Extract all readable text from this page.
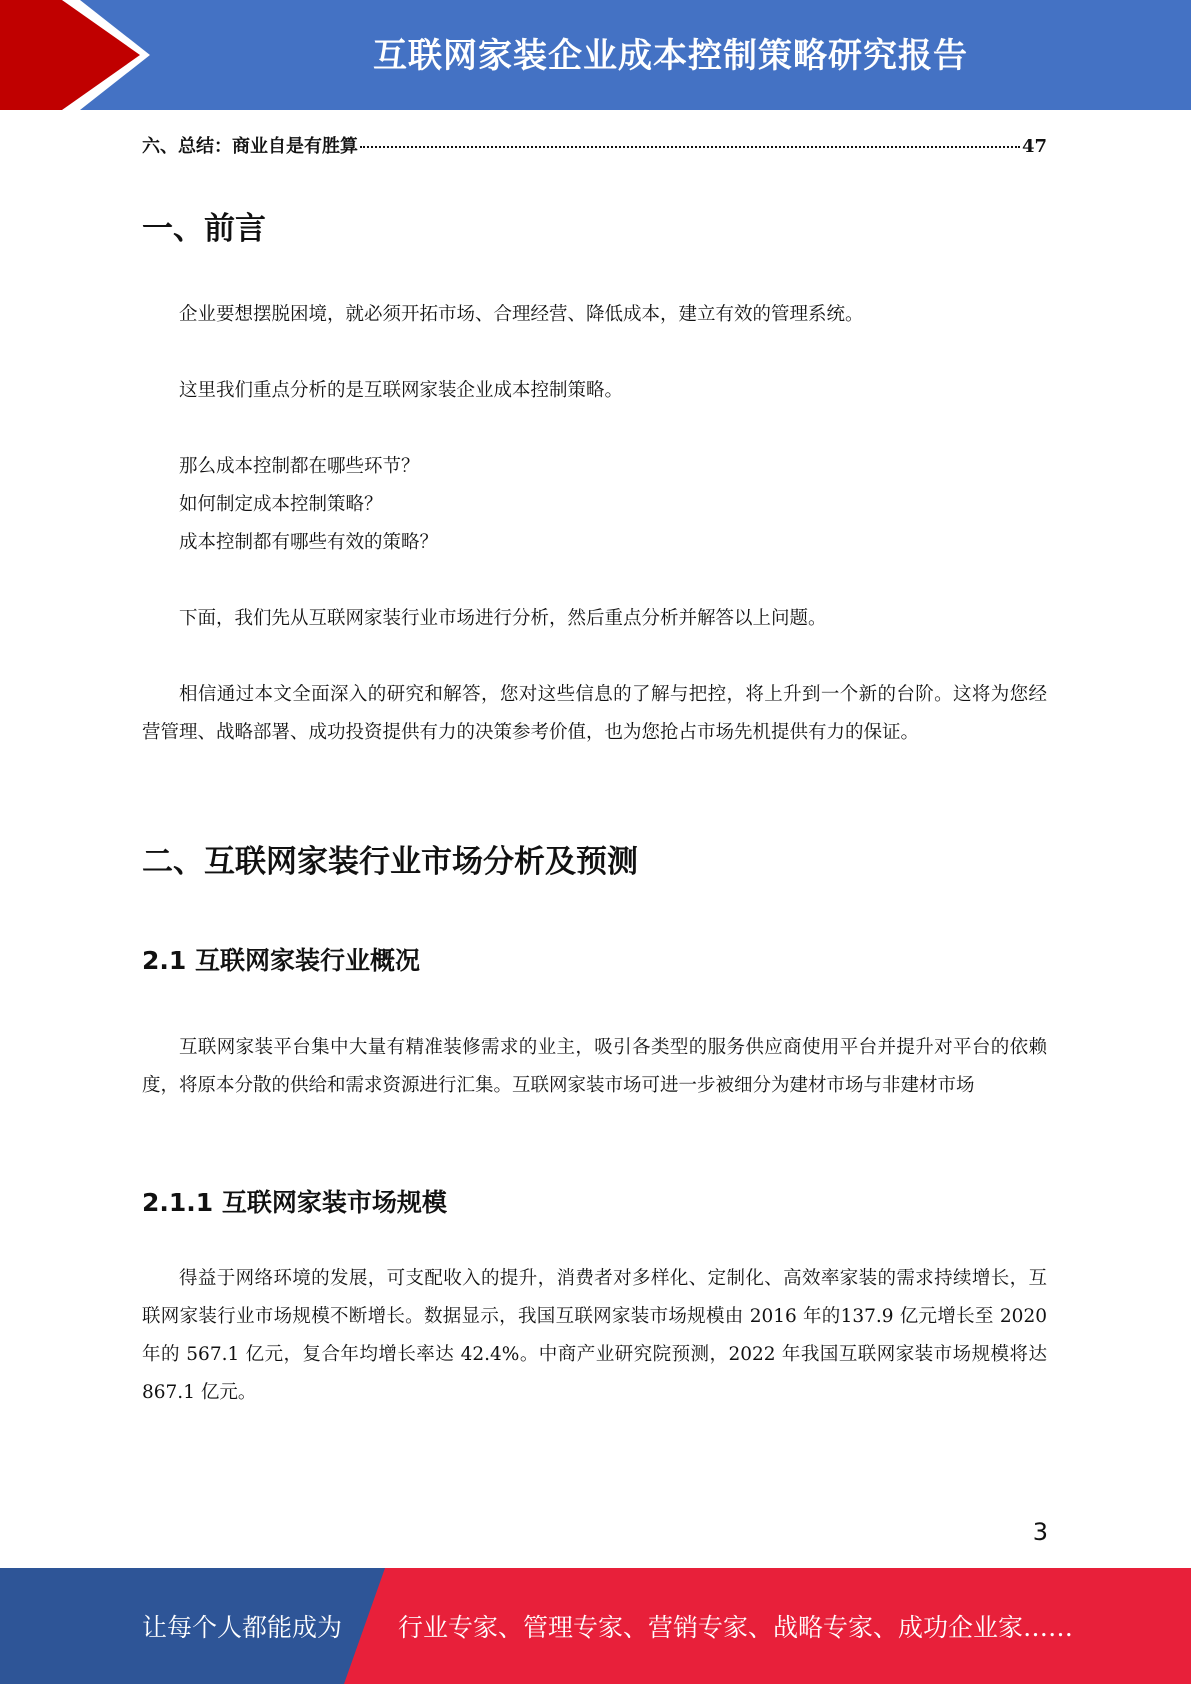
互联网家装企业成本控制策略研究报告
六、总结：商业自是有胜算	47
一、前言

企业要想摆脱困境，就必须开拓市场、合理经营、降低成本，建立有效的管理系统。

这里我们重点分析的是互联网家装企业成本控制策略。

那么成本控制都在哪些环节？

如何制定成本控制策略？

成本控制都有哪些有效的策略？

下面，我们先从互联网家装行业市场进行分析，然后重点分析并解答以上问题。

相信通过本文全面深入的研究和解答，您对这些信息的了解与把控，将上升到一个新的台阶。这将为您经营管理、战略部署、成功投资提供有力的决策参考价值，也为您抢占市场先机提供有力的保证。

二、互联网家装行业市场分析及预测
2.1 互联网家装行业概况

互联网家装平台集中大量有精准装修需求的业主，吸引各类型的服务供应商使用平台并提升对平台的依赖度，将原本分散的供给和需求资源进行汇集。互联网家装市场可进一步被细分为建材市场与非建材市场

2.1.1 互联网家装市场规模

得益于网络环境的发展，可支配收入的提升，消费者对多样化、定制化、高效率家装的需求持续增长，互联网家装行业市场规模不断增长。数据显示，我国互联网家装市场规模由 2016 年的137.9 亿元增长至 2020 年的 567.1 亿元，复合年均增长率达 42.4%。中商产业研究院预测，2022 年我国互联网家装市场规模将达 867.1 亿元。

3
让每个人都能成为 行业专家、管理专家、营销专家、战略专家、成功企业家……
